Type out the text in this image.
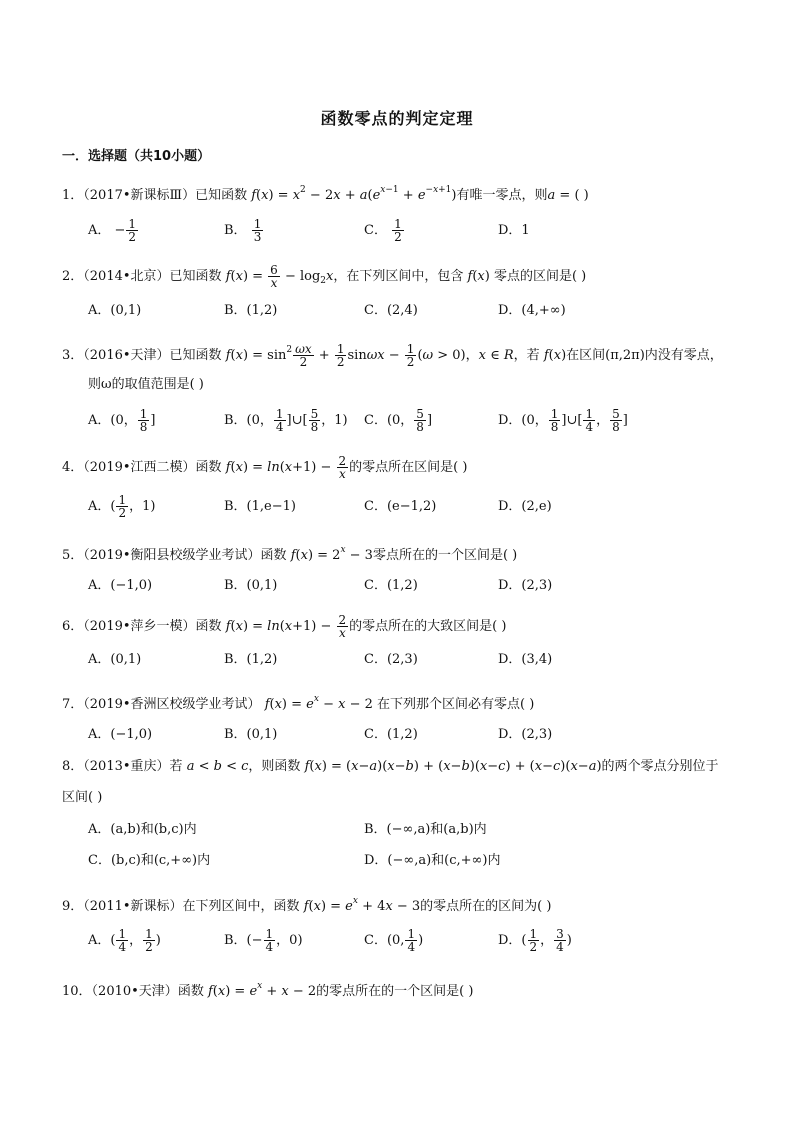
函数零点的判定定理
一．选择题（共10小题）
1．（2017•新课标Ⅲ）已知函数 $f(x) = x^2 - 2x + a(e^{x-1} + e^{-x+1})$有唯一零点，则a = ( )
A． − $\frac{1}{2}$	B． $\frac{1}{3}$	C． $\frac{1}{2}$	D．1
2．（2014•北京）已知函数 $f(x) = \frac{6}{x} - \log_2x$，在下列区间中，包含 f(x) 零点的区间是( )
A．(0,1)	B．(1,2)	C．(2,4)	D．(4,+∞)
3．（2016•天津）已知函数 $f(x) = \sin^2 \frac{\omega x}{2} + \frac{1}{2}$ $\sin\omega x - \frac{1}{2} (\omega > 0)$，x ∈ R，若 f(x)在区间(π,2π)内没有零点，
则ω的取值范围是( )
A．(0， $\frac{1}{8}$ ]	B．(0， $\frac{1}{4}$ ]∪[ $\frac{5}{8}$ ，1) C．(0， $\frac{5}{8}$ ]	D．(0， $\frac{1}{8}$ ]∪[ $\frac{1}{4}$ ， $\frac{5}{8}$ ]
4．（2019•江西二模）函数 $f(x) = \ln(x+1) - \frac{2}{x}$ 的零点所在区间是( )
A．( $\frac{1}{2}$ ，1)	B．(1,e−1)	C．(e−1,2)	D．(2,e)
5．（2019•衡阳县校级学业考试）函数 $f(x) = 2^x - 3$零点所在的一个区间是( )
A．(−1,0)	B．(0,1)	C．(1,2)	D．(2,3)
6．（2019•萍乡一模）函数 $f(x) = \ln(x+1) - \frac{2}{x}$ 的零点所在的大致区间是( )
A．(0,1)	B．(1,2)	C．(2,3)	D．(3,4)
7．（2019•香洲区校级学业考试） $f(x) = e^x - x - 2$ 在下列那个区间必有零点( )
A．(−1,0)	B．(0,1)	C．(1,2)	D．(2,3)
8．（2013•重庆）若 a < b < c，则函数 f(x) = (x−a)(x−b) + (x−b)(x−c) + (x−c)(x−a)的两个零点分别位于
区间( )
A．(a,b)和(b,c)内	B．(−∞,a)和(a,b)内
C．(b,c)和(c,+∞)内	D．(−∞,a)和(c,+∞)内
9．（2011•新课标）在下列区间中，函数 $f(x) = e^x + 4x - 3$的零点所在的区间为( )
A．( $\frac{1}{4}$ ， $\frac{1}{2}$ )	B．(− $\frac{1}{4}$ ，0)	C．(0, $\frac{1}{4}$ )	D．( $\frac{1}{2}$ ， $\frac{3}{4}$ )
10．（2010•天津）函数 $f(x) = e^x + x - 2$的零点所在的一个区间是( )
